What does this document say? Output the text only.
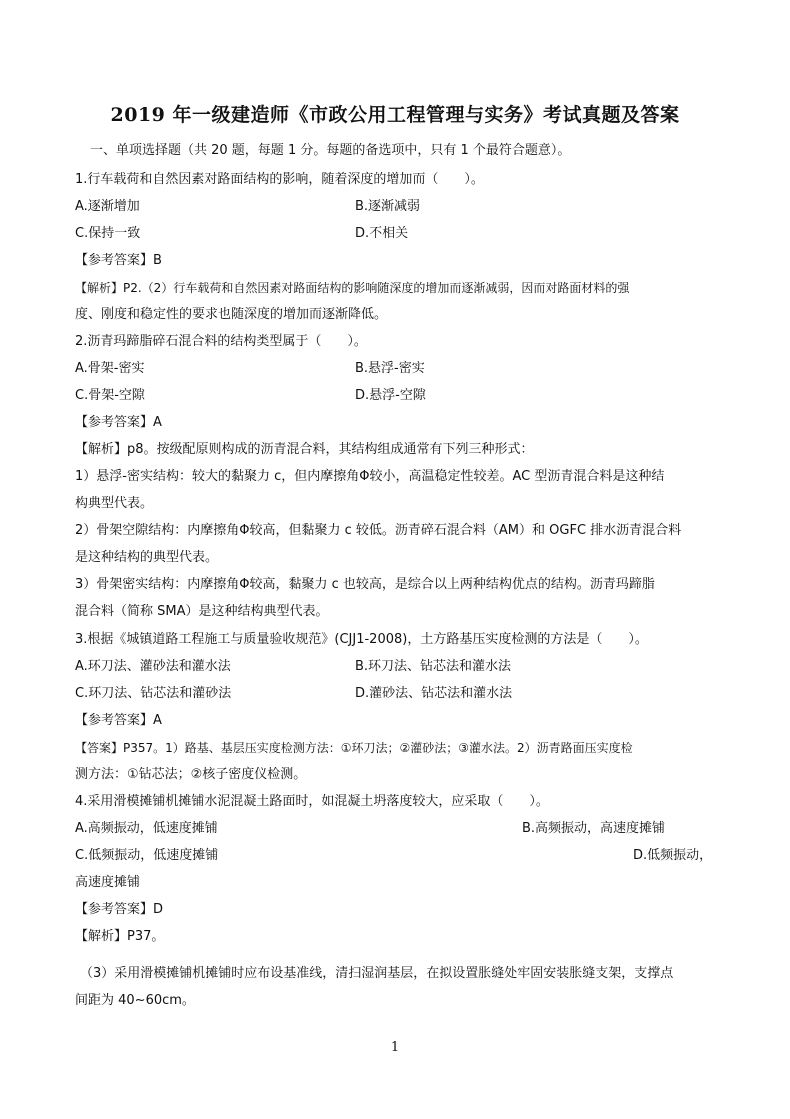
2019 年一级建造师《市政公用工程管理与实务》考试真题及答案
一、单项选择题（共 20 题，每题 1 分。每题的备选项中，只有 1 个最符合题意）。
1.行车载荷和自然因素对路面结构的影响，随着深度的增加而（　　）。
A.逐渐增加	B.逐渐减弱
C.保持一致	D.不相关
【参考答案】B
【解析】P2.（2）行车载荷和自然因素对路面结构的影响随深度的增加而逐渐减弱，因而对路面材料的强
度、刚度和稳定性的要求也随深度的增加而逐渐降低。
2.沥青玛蹄脂碎石混合料的结构类型属于（　　）。
A.骨架-密实	B.悬浮-密实
C.骨架-空隙	D.悬浮-空隙
【参考答案】A
【解析】p8。按级配原则构成的沥青混合料，其结构组成通常有下列三种形式：
1）悬浮-密实结构：较大的黏聚力 c，但内摩擦角Φ较小，高温稳定性较差。AC 型沥青混合料是这种结
构典型代表。
2）骨架空隙结构：内摩擦角Φ较高，但黏聚力 c 较低。沥青碎石混合料（AM）和 OGFC 排水沥青混合料
是这种结构的典型代表。
3）骨架密实结构：内摩擦角Φ较高，黏聚力 c 也较高，是综合以上两种结构优点的结构。沥青玛蹄脂
混合料（简称 SMA）是这种结构典型代表。
3.根据《城镇道路工程施工与质量验收规范》(CJJ1-2008)，土方路基压实度检测的方法是（　　）。
A.环刀法、灌砂法和灌水法	B.环刀法、钻芯法和灌水法
C.环刀法、钻芯法和灌砂法	D.灌砂法、钻芯法和灌水法
【参考答案】A
【答案】P357。1）路基、基层压实度检测方法：①环刀法；②灌砂法；③灌水法。2）沥青路面压实度检
测方法：①钻芯法；②核子密度仪检测。
4.采用滑模摊铺机摊铺水泥混凝土路面时，如混凝土坍落度较大，应采取（　　）。
A.高频振动，低速度摊铺	B.高频振动，高速度摊铺
C.低频振动，低速度摊铺	D.低频振动，
高速度摊铺
【参考答案】D
【解析】P37。
（3）采用滑模摊铺机摊铺时应布设基准线，清扫湿润基层，在拟设置胀缝处牢固安装胀缝支架，支撑点
间距为 40~60cm。
1
